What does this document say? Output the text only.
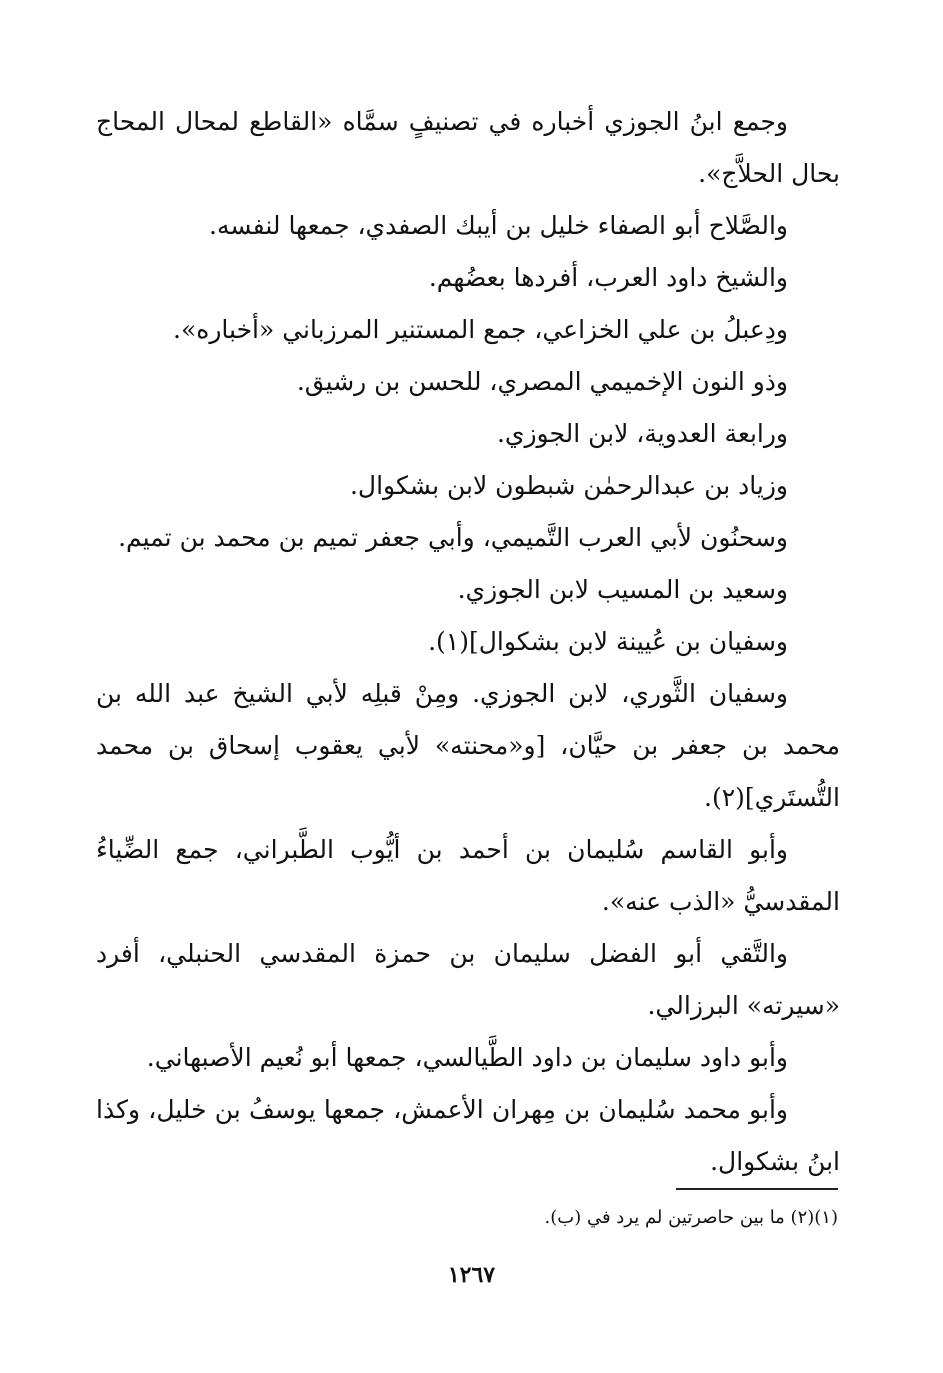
وجمع ابنُ الجوزي أخباره في تصنيفٍ سمَّاه «القاطع لمحال المحاج بحال الحلاَّج».

والصَّلاح أبو الصفاء خليل بن أيبك الصفدي، جمعها لنفسه.

والشيخ داود العرب، أفردها بعضُهم.

ودِعبلُ بن علي الخزاعي، جمع المستنير المرزباني «أخباره».

وذو النون الإخميمي المصري، للحسن بن رشيق.

ورابعة العدوية، لابن الجوزي.

وزياد بن عبدالرحمٰن شبطون لابن بشكوال.

وسحنُون لأبي العرب التَّميمي، وأبي جعفر تميم بن محمد بن تميم.

وسعيد بن المسيب لابن الجوزي.

وسفيان بن عُيينة لابن بشكوال](١).

وسفيان الثَّوري، لابن الجوزي. ومِنْ قبلِه لأبي الشيخ عبد الله بن محمد بن جعفر بن حيَّان، [و«محنته» لأبي يعقوب إسحاق بن محمد التُّستَري](٢).

وأبو القاسم سُليمان بن أحمد بن أيُّوب الطَّبراني، جمع الضِّياءُ المقدسيُّ «الذب عنه».

والتَّقي أبو الفضل سليمان بن حمزة المقدسي الحنبلي، أفرد «سيرته» البرزالي.

وأبو داود سليمان بن داود الطَّيالسي، جمعها أبو نُعيم الأصبهاني.

وأبو محمد سُليمان بن مِهران الأعمش، جمعها يوسفُ بن خليل، وكذا ابنُ بشكوال.

(١)(٢) ما بين حاصرتين لم يرد في (ب).
١٢٦٧
